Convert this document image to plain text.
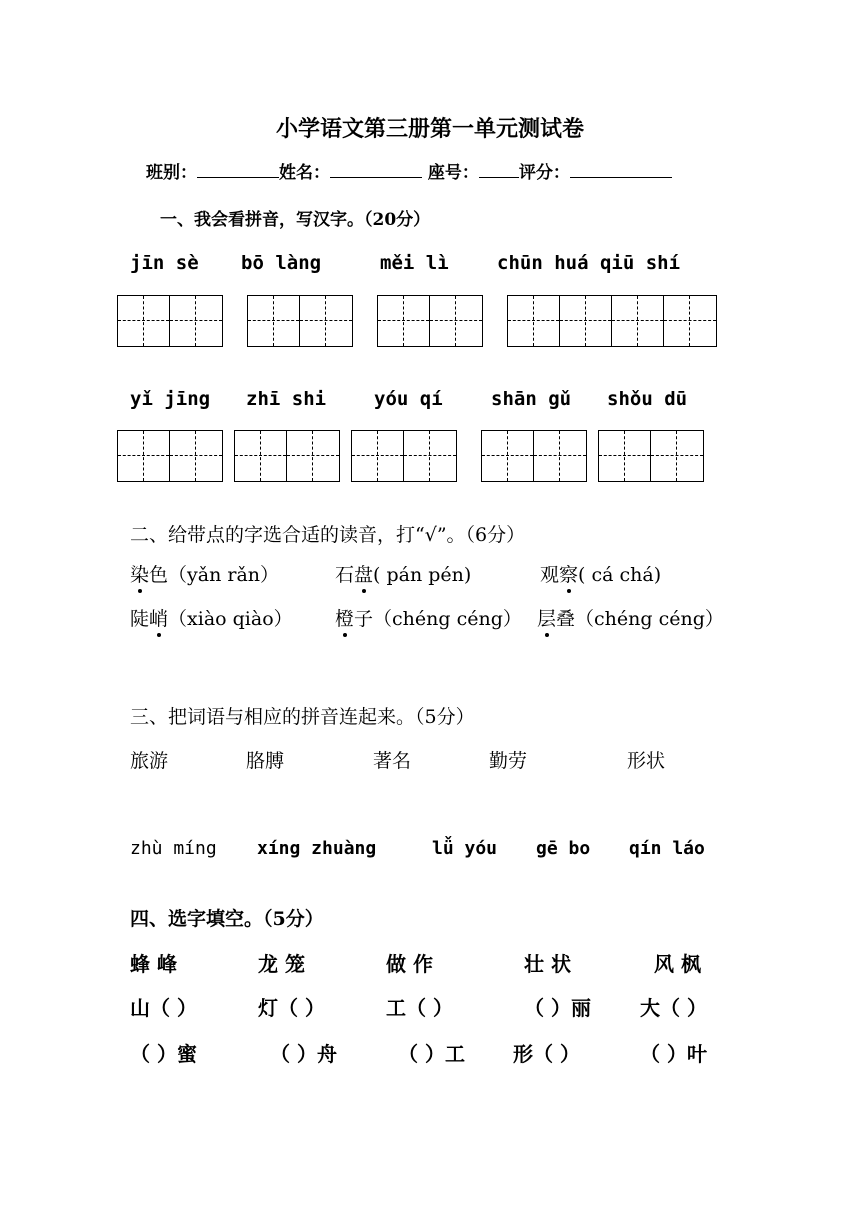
小学语文第三册第一单元测试卷
班别：	姓名：	座号： 评分：
一、我会看拼音，写汉字。（20分）
jīn sè bō làng	měi lì	chūn huá qiū shí
yǐ jīng zhī shi	yóu qí	shān gǔ shǒu dū
二、给带点的字选合适的读音，打“√”。（6分）
染色（yǎn rǎn）	石盘( pán pén)	观察( cá chá)
陡峭（xiào qiào） 橙子（chéng céng） 层叠（chéng céng）
三、把词语与相应的拼音连起来。（5分）
旅游	胳膊	著名	勤劳	形状
zhù míng xíng zhuàng	lǚ yóu gē bo qín láo
四、选字填空。（5分）
蜂 峰	龙 笼	做 作	壮 状	风 枫
山（ ）	灯（ ）	工（ ）	（ ）丽 大（ ）
（ ）蜜	（ ）舟	（ ）工 形（ ）	（ ）叶
